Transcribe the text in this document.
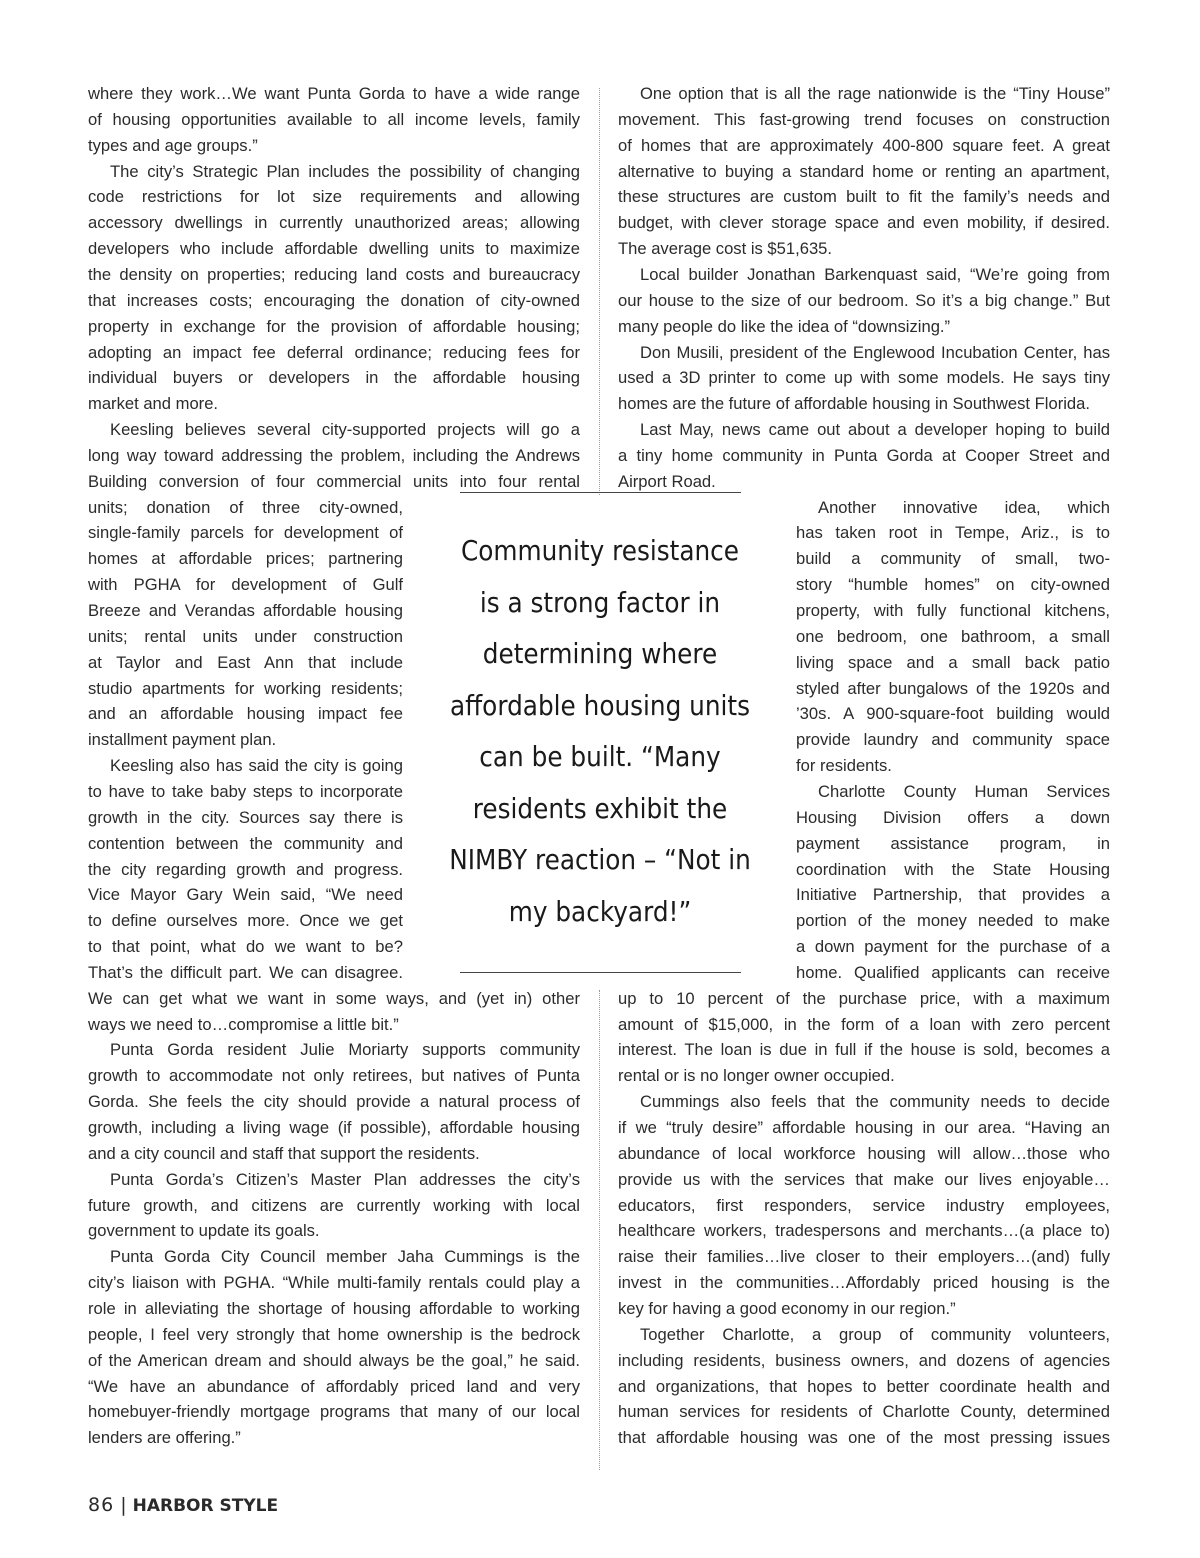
where they work…We want Punta Gorda to have a wide range

of housing opportunities available to all income levels, family

types and age groups.”

The city’s Strategic Plan includes the possibility of changing

code restrictions for lot size requirements and allowing

accessory dwellings in currently unauthorized areas; allowing

developers who include affordable dwelling units to maximize

the density on properties; reducing land costs and bureaucracy

that increases costs; encouraging the donation of city-owned

property in exchange for the provision of affordable housing;

adopting an impact fee deferral ordinance; reducing fees for

individual buyers or developers in the affordable housing

market and more.

Keesling believes several city-supported projects will go a

long way toward addressing the problem, including the Andrews

Building conversion of four commercial units into four rental

units; donation of three city-owned,

single-family parcels for development of

homes at affordable prices; partnering

with PGHA for development of Gulf

Breeze and Verandas affordable housing

units; rental units under construction

at Taylor and East Ann that include

studio apartments for working residents;

and an affordable housing impact fee

installment payment plan.

Keesling also has said the city is going

to have to take baby steps to incorporate

growth in the city. Sources say there is

contention between the community and

the city regarding growth and progress.

Vice Mayor Gary Wein said, “We need

to define ourselves more. Once we get

to that point, what do we want to be?

That’s the difficult part. We can disagree.

We can get what we want in some ways, and (yet in) other

ways we need to…compromise a little bit.”

Punta Gorda resident Julie Moriarty supports community

growth to accommodate not only retirees, but natives of Punta

Gorda. She feels the city should provide a natural process of

growth, including a living wage (if possible), affordable housing

and a city council and staff that support the residents.

Punta Gorda’s Citizen’s Master Plan addresses the city’s

future growth, and citizens are currently working with local

government to update its goals.

Punta Gorda City Council member Jaha Cummings is the

city’s liaison with PGHA. “While multi-family rentals could play a

role in alleviating the shortage of housing affordable to working

people, I feel very strongly that home ownership is the bedrock

of the American dream and should always be the goal,” he said.

“We have an abundance of affordably priced land and very

homebuyer-friendly mortgage programs that many of our local

lenders are offering.”

One option that is all the rage nationwide is the “Tiny House”

movement. This fast-growing trend focuses on construction

of homes that are approximately 400-800 square feet. A great

alternative to buying a standard home or renting an apartment,

these structures are custom built to fit the family’s needs and

budget, with clever storage space and even mobility, if desired.

The average cost is $51,635.

Local builder Jonathan Barkenquast said, “We’re going from

our house to the size of our bedroom. So it’s a big change.” But

many people do like the idea of “downsizing.”

Don Musili, president of the Englewood Incubation Center, has

used a 3D printer to come up with some models. He says tiny

homes are the future of affordable housing in Southwest Florida.

Last May, news came out about a developer hoping to build

a tiny home community in Punta Gorda at Cooper Street and

Airport Road.

Another innovative idea, which

has taken root in Tempe, Ariz., is to

build a community of small, two-

story “humble homes” on city-owned

property, with fully functional kitchens,

one bedroom, one bathroom, a small

living space and a small back patio

styled after bungalows of the 1920s and

’30s. A 900-square-foot building would

provide laundry and community space

for residents.

Charlotte County Human Services

Housing Division offers a down

payment assistance program, in

coordination with the State Housing

Initiative Partnership, that provides a

portion of the money needed to make

a down payment for the purchase of a

home. Qualified applicants can receive

up to 10 percent of the purchase price, with a maximum

amount of $15,000, in the form of a loan with zero percent

interest. The loan is due in full if the house is sold, becomes a

rental or is no longer owner occupied.

Cummings also feels that the community needs to decide

if we “truly desire” affordable housing in our area. “Having an

abundance of local workforce housing will allow…those who

provide us with the services that make our lives enjoyable…

educators, first responders, service industry employees,

healthcare workers, tradespersons and merchants…(a place to)

raise their families…live closer to their employers…(and) fully

invest in the communities…Affordably priced housing is the

key for having a good economy in our region.”

Together Charlotte, a group of community volunteers,

including residents, business owners, and dozens of agencies

and organizations, that hopes to better coordinate health and

human services for residents of Charlotte County, determined

that affordable housing was one of the most pressing issues

Community resistance
is a strong factor in
determining where
affordable housing units
can be built. “Many
residents exhibit the
NIMBY reaction – “Not in
my backyard!”
86 | HARBOR STYLE
